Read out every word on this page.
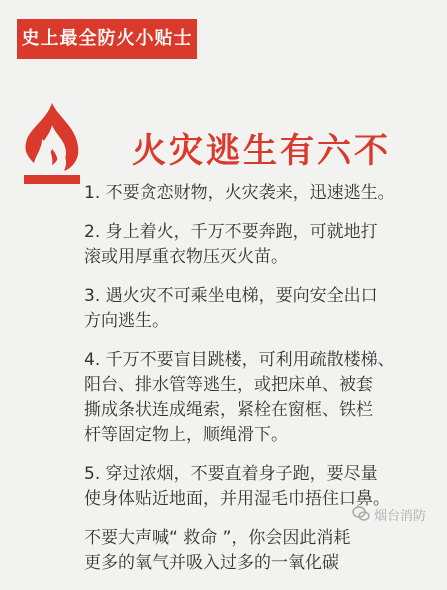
史上最全防火小贴士
火灾逃生有六不

1. 不要贪恋财物，火灾袭来，迅速逃生。

2. 身上着火，千万不要奔跑，可就地打
滚或用厚重衣物压灭火苗。

3. 遇火灾不可乘坐电梯，要向安全出口
方向逃生。

4. 千万不要盲目跳楼，可利用疏散楼梯、
阳台、排水管等逃生，或把床单、被套
撕成条状连成绳索，紧栓在窗框、铁栏
杆等固定物上，顺绳滑下。

5. 穿过浓烟，不要直着身子跑，要尽量
使身体贴近地面，并用湿毛巾捂住口鼻。

不要大声喊“ 救命 ”，你会因此消耗
更多的氧气并吸入过多的一氧化碳

烟台消防
